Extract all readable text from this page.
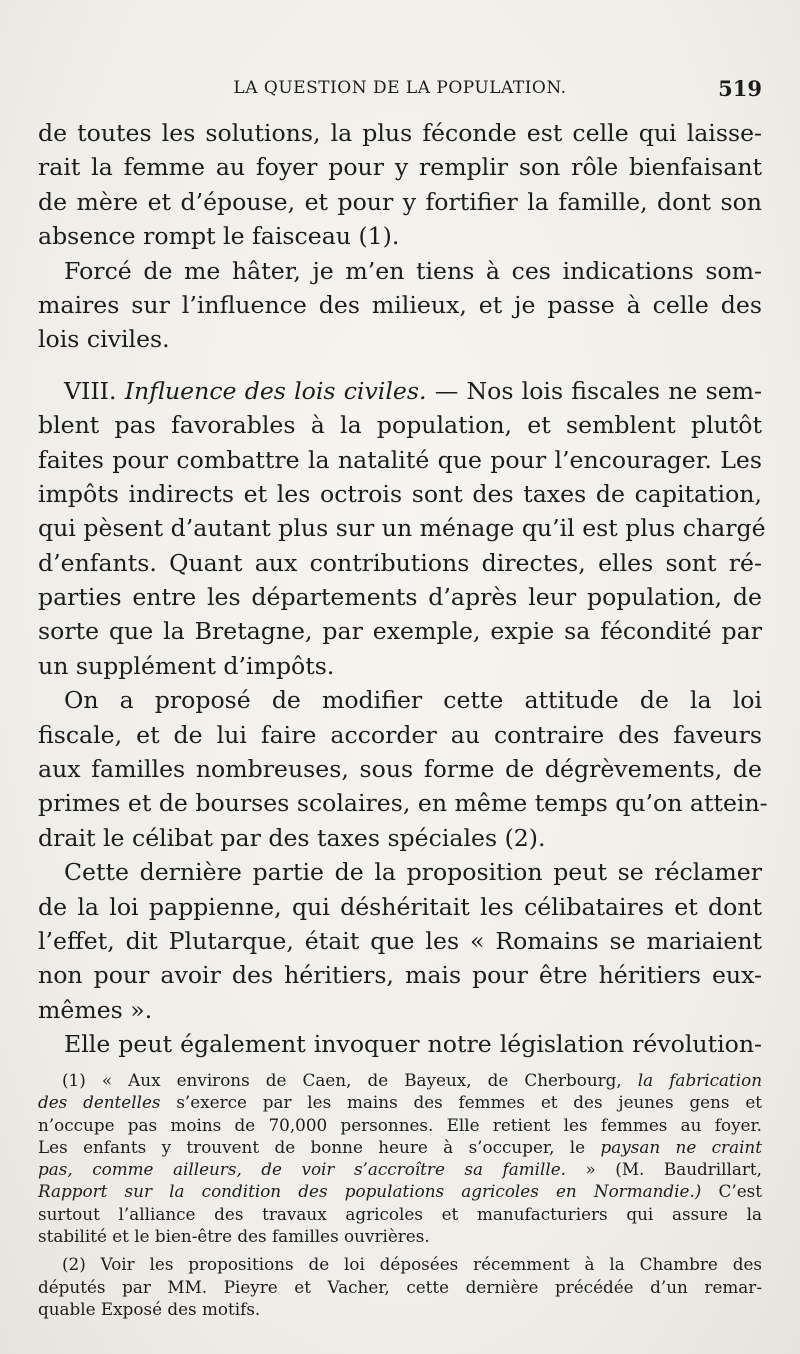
LA QUESTION DE LA POPULATION.	519
de toutes les solutions, la plus féconde est celle qui laisse-
rait la femme au foyer pour y remplir son rôle bienfaisant
de mère et d’épouse, et pour y fortifier la famille, dont son
absence rompt le faisceau (1).
Forcé de me hâter, je m’en tiens à ces indications som-
maires sur l’influence des milieux, et je passe à celle des
lois civiles.
VIII. Influence des lois civiles. — Nos lois fiscales ne sem-
blent pas favorables à la population, et semblent plutôt
faites pour combattre la natalité que pour l’encourager. Les
impôts indirects et les octrois sont des taxes de capitation,
qui pèsent d’autant plus sur un ménage qu’il est plus chargé
d’enfants. Quant aux contributions directes, elles sont ré-
parties entre les départements d’après leur population, de
sorte que la Bretagne, par exemple, expie sa fécondité par
un supplément d’impôts.
On a proposé de modifier cette attitude de la loi
fiscale, et de lui faire accorder au contraire des faveurs
aux familles nombreuses, sous forme de dégrèvements, de
primes et de bourses scolaires, en même temps qu’on attein-
drait le célibat par des taxes spéciales (2).
Cette dernière partie de la proposition peut se réclamer
de la loi pappienne, qui déshéritait les célibataires et dont
l’effet, dit Plutarque, était que les « Romains se mariaient
non pour avoir des héritiers, mais pour être héritiers eux-
mêmes ».
Elle peut également invoquer notre législation révolution-
(1) « Aux environs de Caen, de Bayeux, de Cherbourg, la fabrication
des dentelles s’exerce par les mains des femmes et des jeunes gens et
n’occupe pas moins de 70,000 personnes. Elle retient les femmes au foyer.
Les enfants y trouvent de bonne heure à s’occuper, le paysan ne craint
pas, comme ailleurs, de voir s’accroître sa famille. » (M. Baudrillart,
Rapport sur la condition des populations agricoles en Normandie.) C’est
surtout l’alliance des travaux agricoles et manufacturiers qui assure la
stabilité et le bien-être des familles ouvrières.
(2) Voir les propositions de loi déposées récemment à la Chambre des
députés par MM. Pieyre et Vacher, cette dernière précédée d’un remar-
quable Exposé des motifs.
